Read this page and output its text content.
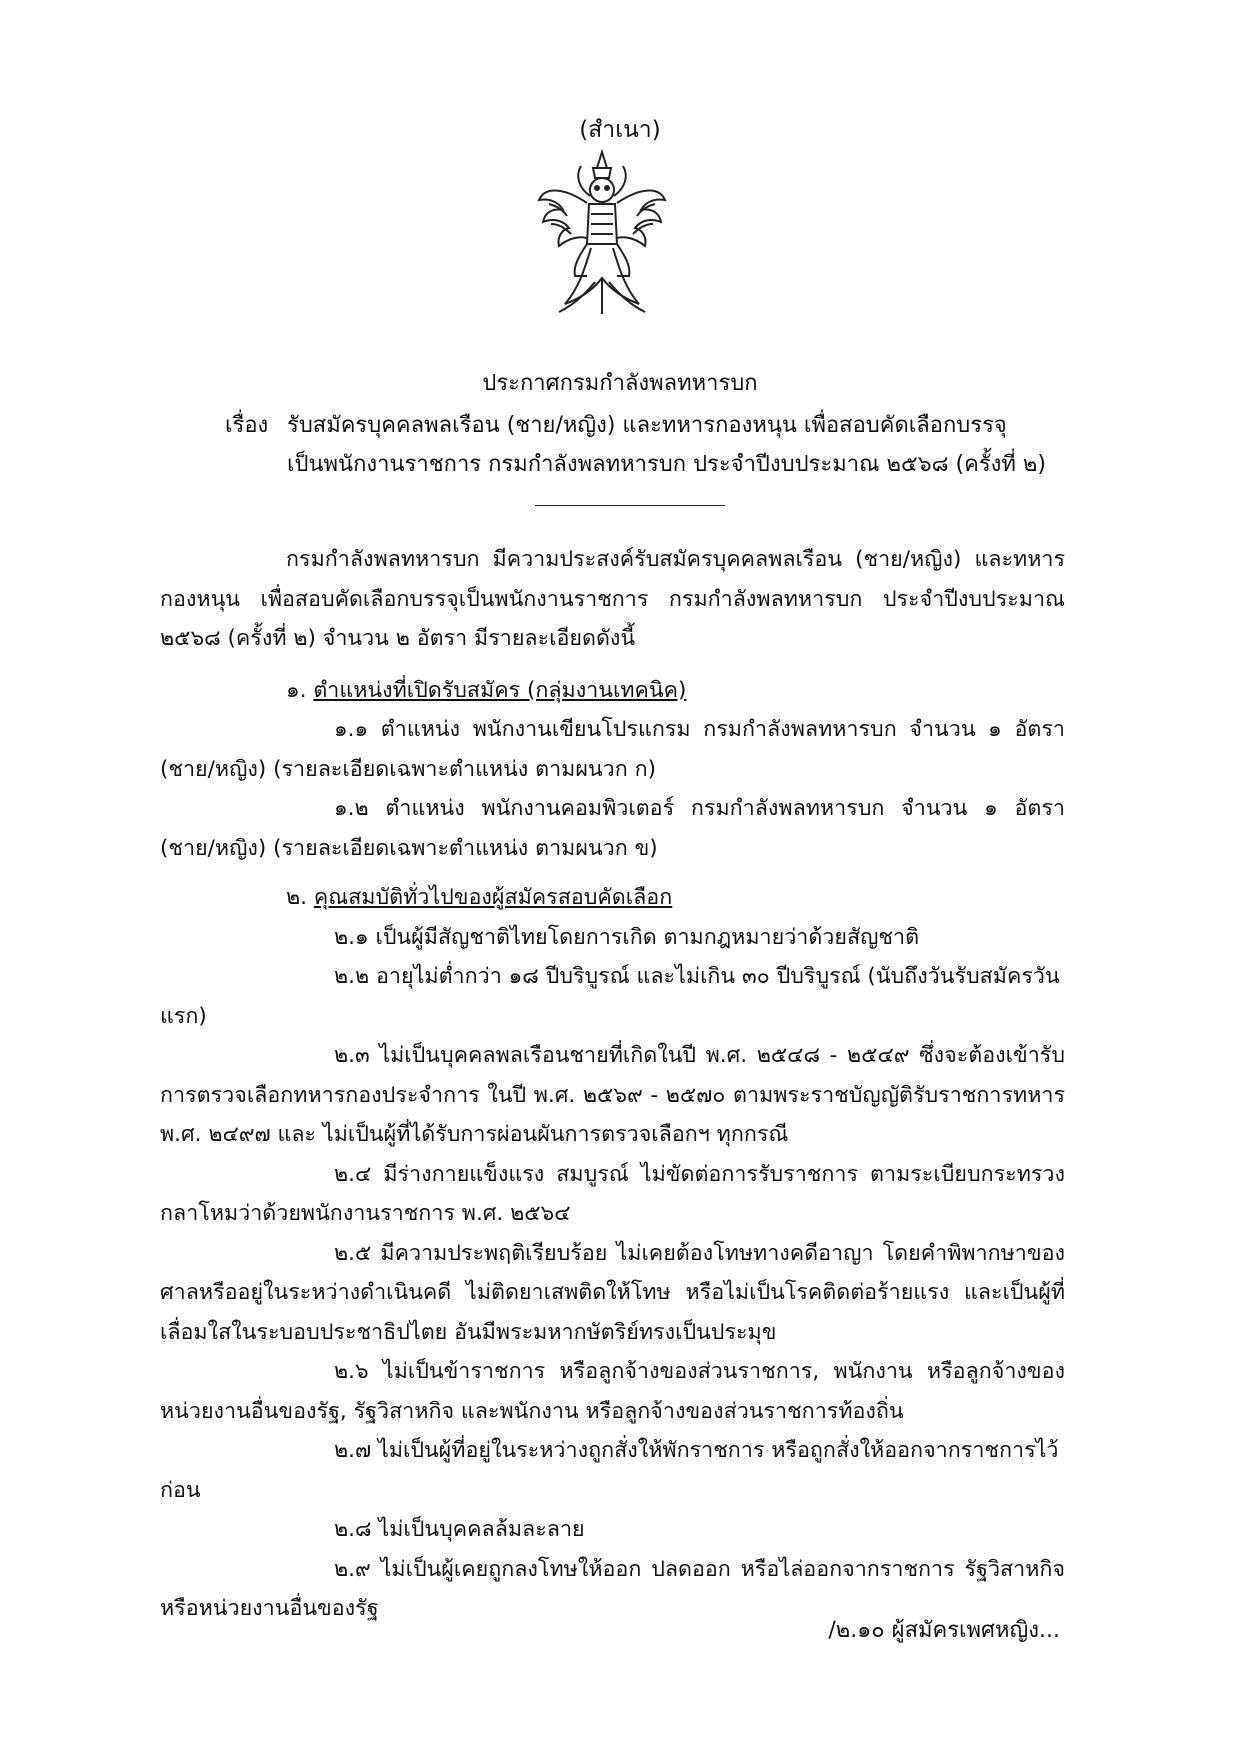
(สำเนา)
ประกาศกรมกำลังพลทหารบก
เรื่อง รับสมัครบุคคลพลเรือน (ชาย/หญิง) และทหารกองหนุน เพื่อสอบคัดเลือกบรรจุ
เป็นพนักงานราชการ กรมกำลังพลทหารบก ประจำปีงบประมาณ ๒๕๖๘ (ครั้งที่ ๒)

กรมกำลังพลทหารบก มีความประสงค์รับสมัครบุคคลพลเรือน (ชาย/หญิง) และทหารกองหนุน เพื่อสอบคัดเลือกบรรจุเป็นพนักงานราชการ กรมกำลังพลทหารบก ประจำปีงบประมาณ ๒๕๖๘ (ครั้งที่ ๒) จำนวน ๒ อัตรา มีรายละเอียดดังนี้

๑. ตำแหน่งที่เปิดรับสมัคร (กลุ่มงานเทคนิค)

๑.๑ ตำแหน่ง พนักงานเขียนโปรแกรม กรมกำลังพลทหารบก จำนวน ๑ อัตรา (ชาย/หญิง) (รายละเอียดเฉพาะตำแหน่ง ตามผนวก ก)

๑.๒ ตำแหน่ง พนักงานคอมพิวเตอร์ กรมกำลังพลทหารบก จำนวน ๑ อัตรา (ชาย/หญิง) (รายละเอียดเฉพาะตำแหน่ง ตามผนวก ข)

๒. คุณสมบัติทั่วไปของผู้สมัครสอบคัดเลือก

๒.๑ เป็นผู้มีสัญชาติไทยโดยการเกิด ตามกฎหมายว่าด้วยสัญชาติ

๒.๒ อายุไม่ต่ำกว่า ๑๘ ปีบริบูรณ์ และไม่เกิน ๓๐ ปีบริบูรณ์ (นับถึงวันรับสมัครวันแรก)

๒.๓ ไม่เป็นบุคคลพลเรือนชายที่เกิดในปี พ.ศ. ๒๕๔๘ - ๒๕๔๙ ซึ่งจะต้องเข้ารับการตรวจเลือกทหารกองประจำการ ในปี พ.ศ. ๒๕๖๙ - ๒๕๗๐ ตามพระราชบัญญัติรับราชการทหาร พ.ศ. ๒๔๙๗ และ ไม่เป็นผู้ที่ได้รับการผ่อนผันการตรวจเลือกฯ ทุกกรณี

๒.๔ มีร่างกายแข็งแรง สมบูรณ์ ไม่ขัดต่อการรับราชการ ตามระเบียบกระทรวงกลาโหมว่าด้วยพนักงานราชการ พ.ศ. ๒๕๖๔

๒.๕ มีความประพฤติเรียบร้อย ไม่เคยต้องโทษทางคดีอาญา โดยคำพิพากษาของศาลหรืออยู่ในระหว่างดำเนินคดี ไม่ติดยาเสพติดให้โทษ หรือไม่เป็นโรคติดต่อร้ายแรง และเป็นผู้ที่เลื่อมใสในระบอบประชาธิปไตย อันมีพระมหากษัตริย์ทรงเป็นประมุข

๒.๖ ไม่เป็นข้าราชการ หรือลูกจ้างของส่วนราชการ, พนักงาน หรือลูกจ้างของหน่วยงานอื่นของรัฐ, รัฐวิสาหกิจ และพนักงาน หรือลูกจ้างของส่วนราชการท้องถิ่น

๒.๗ ไม่เป็นผู้ที่อยู่ในระหว่างถูกสั่งให้พักราชการ หรือถูกสั่งให้ออกจากราชการไว้ก่อน

๒.๘ ไม่เป็นบุคคลล้มละลาย

๒.๙ ไม่เป็นผู้เคยถูกลงโทษให้ออก ปลดออก หรือไล่ออกจากราชการ รัฐวิสาหกิจหรือหน่วยงานอื่นของรัฐ

/๒.๑๐ ผู้สมัครเพศหญิง...
